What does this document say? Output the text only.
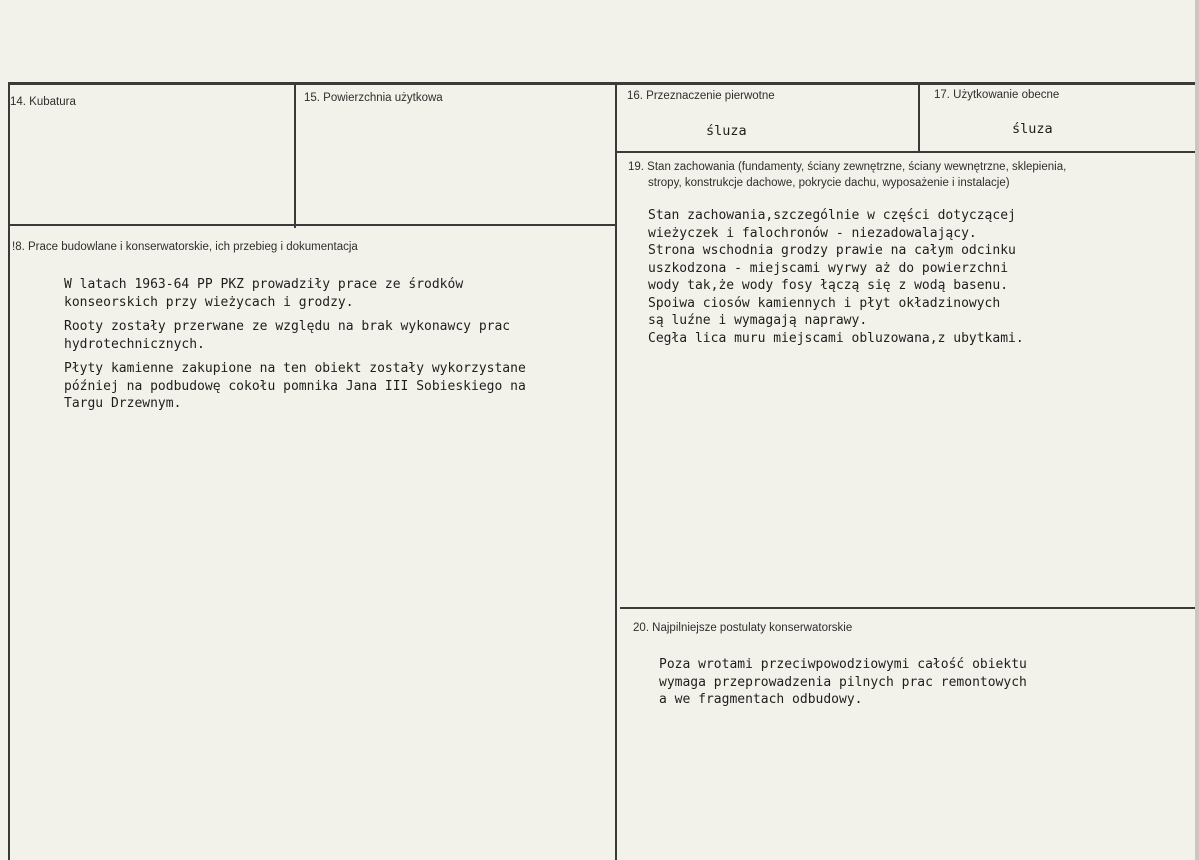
14. Kubatura	15. Powierzchnia użytkowa	16. Przeznaczenie pierwotne
śluza
17. Użytkowanie obecne
śluza
!8. Prace budowlane i konserwatorskie, ich przebieg i dokumentacja
W latach 1963-64 PP PKZ prowadziły prace ze środków
konseorskich przy wieżycach i grodzy.
Rooty zostały przerwane ze względu na brak wykonawcy prac
hydrotechnicznych.
Płyty kamienne zakupione na ten obiekt zostały wykorzystane
później na podbudowę cokołu pomnika Jana III Sobieskiego na
Targu Drzewnym.
19. Stan zachowania (fundamenty, ściany zewnętrzne, ściany wewnętrzne, sklepienia,
stropy, konstrukcje dachowe, pokrycie dachu, wyposażenie i instalacje)
Stan zachowania,szczególnie w części dotyczącej
wieżyczek i falochronów - niezadowalający.
Strona wschodnia grodzy prawie na całym odcinku
uszkodzona - miejscami wyrwy aż do powierzchni
wody tak,że wody fosy łączą się z wodą basenu.
Spoiwa ciosów kamiennych i płyt okładzinowych
są luźne i wymagają naprawy.
Cegła lica muru miejscami obluzowana,z ubytkami.
20. Najpilniejsze postulaty konserwatorskie
Poza wrotami przeciwpowodziowymi całość obiektu
wymaga przeprowadzenia pilnych prac remontowych
a we fragmentach odbudowy.
